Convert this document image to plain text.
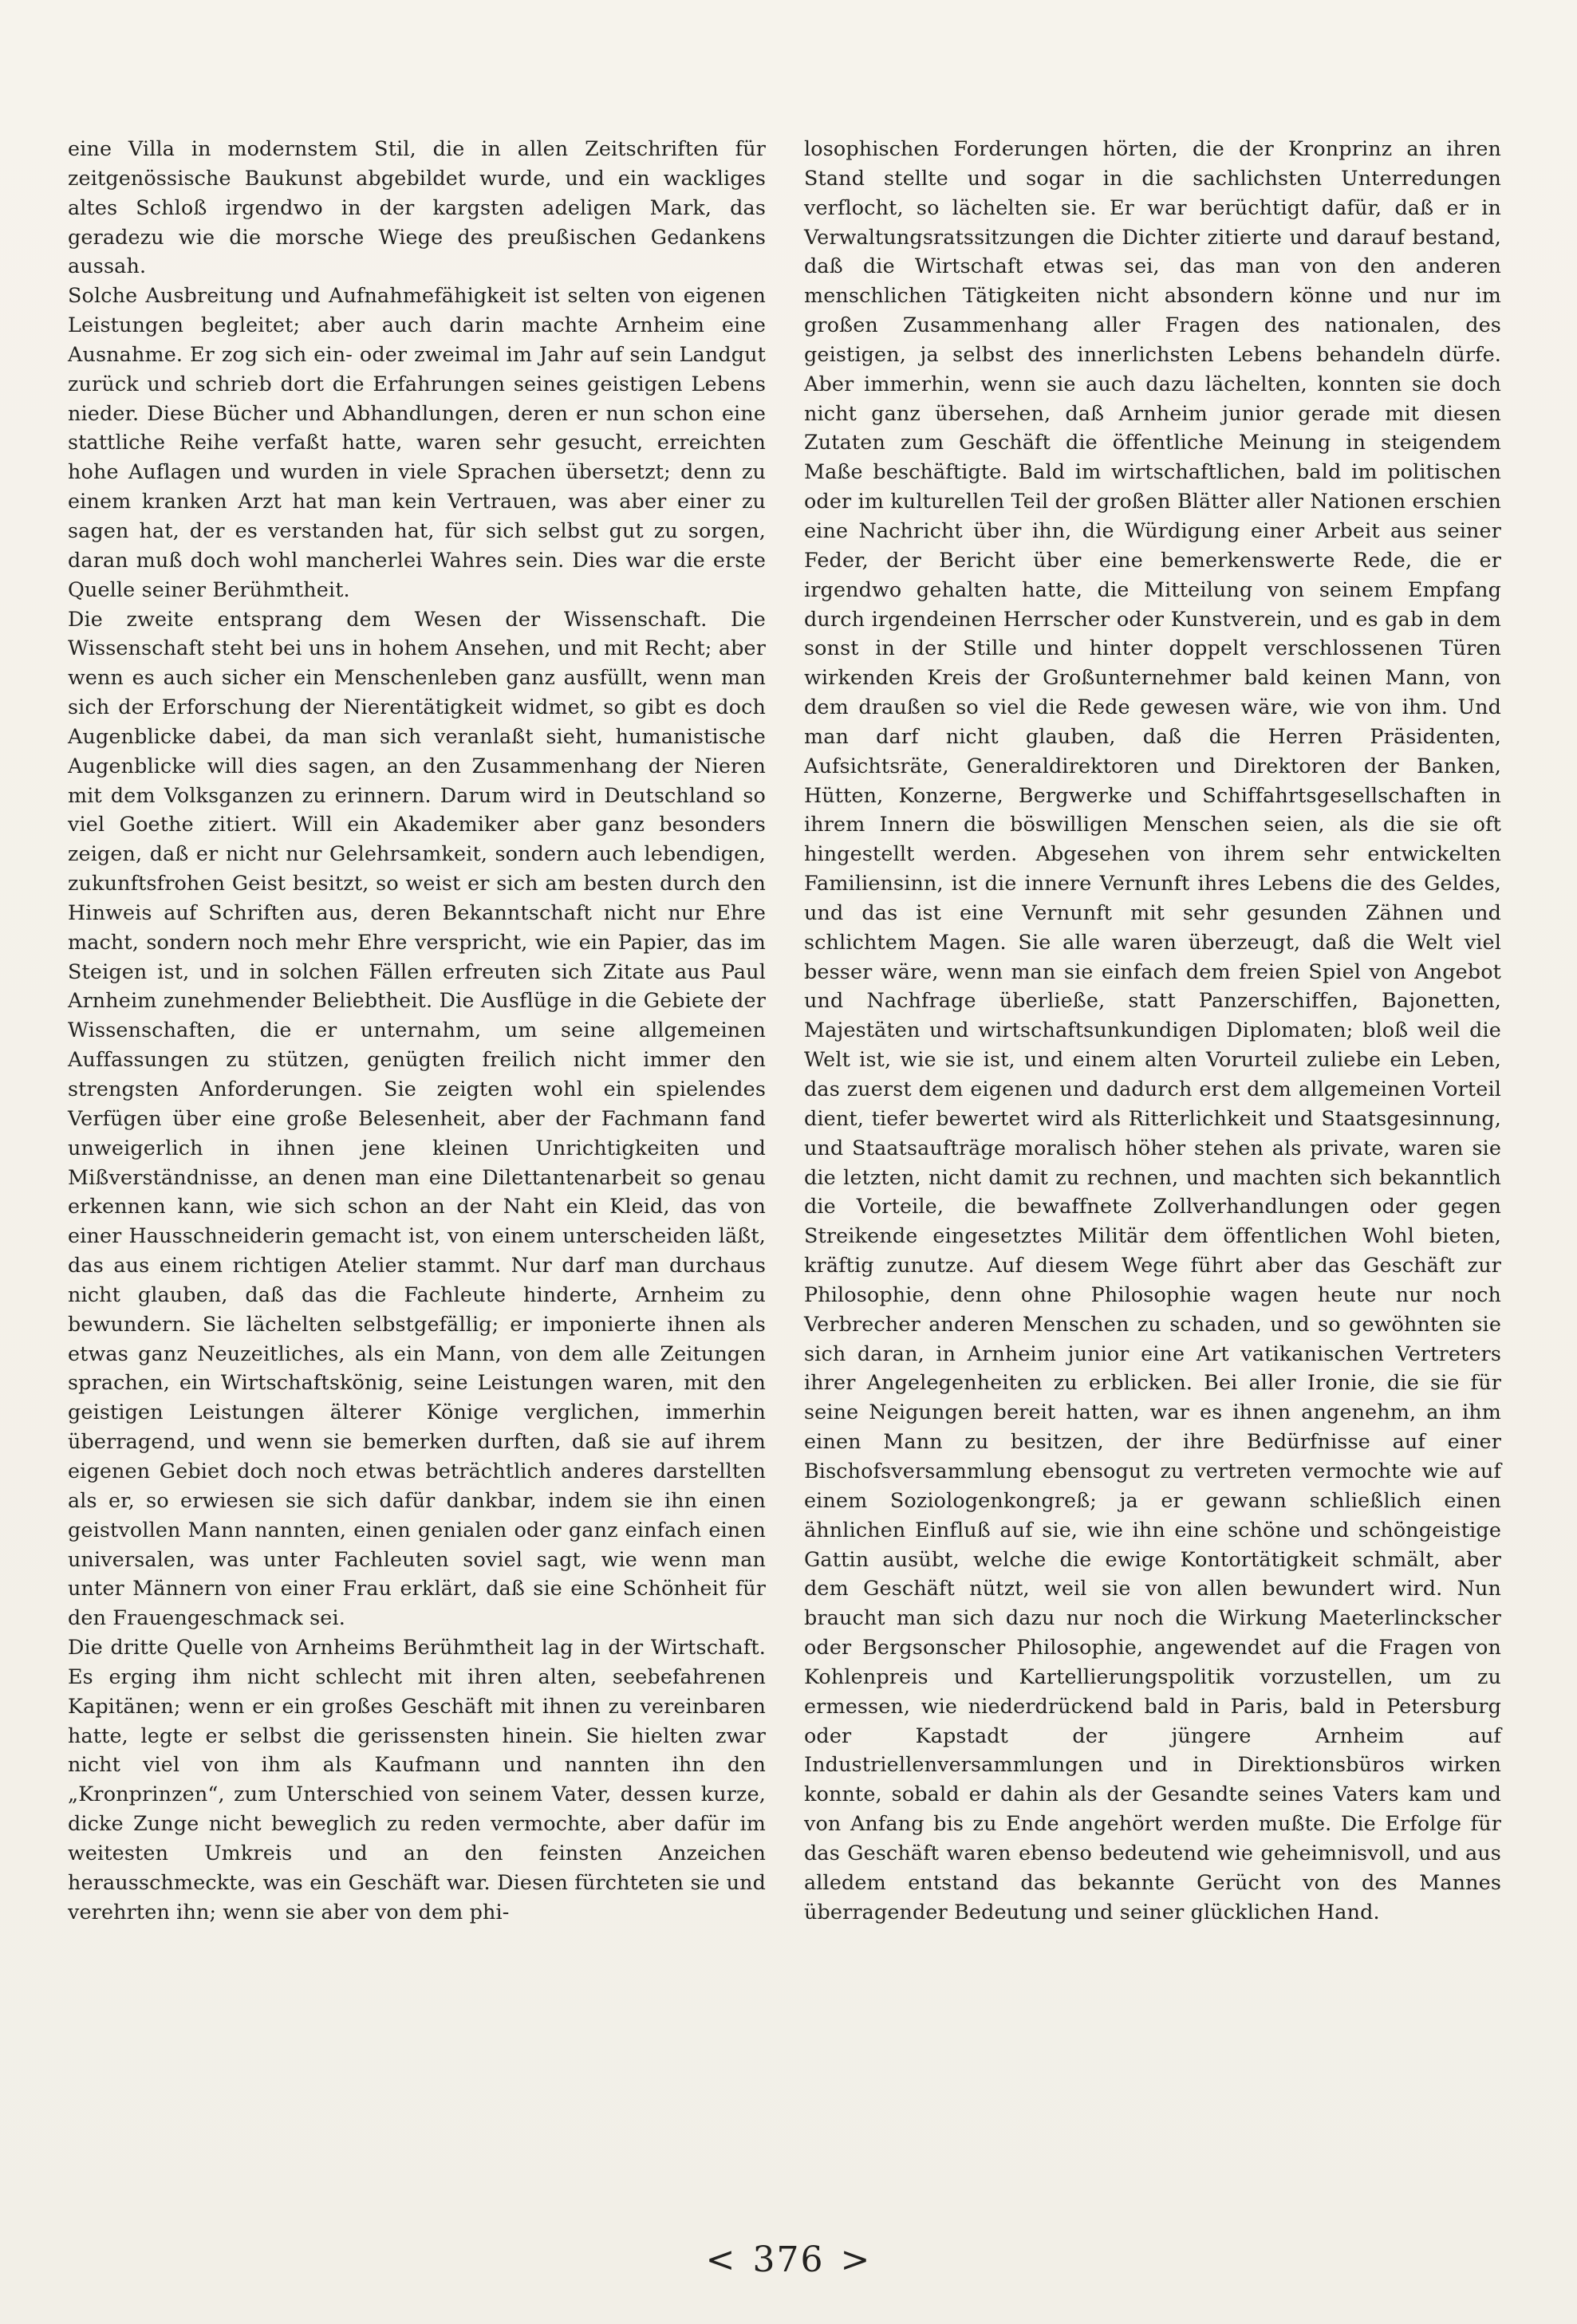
eine Villa in modernstem Stil, die in allen Zeitschriften für zeitgenössische Baukunst abgebildet wurde, und ein wackliges altes Schloß irgendwo in der kargsten adeligen Mark, das geradezu wie die morsche Wiege des preußischen Gedankens aussah.

Solche Ausbreitung und Aufnahmefähigkeit ist selten von eigenen Leistungen begleitet; aber auch darin machte Arnheim eine Ausnahme. Er zog sich ein- oder zweimal im Jahr auf sein Landgut zurück und schrieb dort die Erfahrungen seines geistigen Lebens nieder. Diese Bücher und Abhandlungen, deren er nun schon eine stattliche Reihe verfaßt hatte, waren sehr gesucht, erreichten hohe Auflagen und wurden in viele Sprachen übersetzt; denn zu einem kranken Arzt hat man kein Vertrauen, was aber einer zu sagen hat, der es verstanden hat, für sich selbst gut zu sorgen, daran muß doch wohl mancherlei Wahres sein. Dies war die erste Quelle seiner Berühmtheit.

Die zweite entsprang dem Wesen der Wissenschaft. Die Wissenschaft steht bei uns in hohem Ansehen, und mit Recht; aber wenn es auch sicher ein Menschenleben ganz ausfüllt, wenn man sich der Erforschung der Nierentätigkeit widmet, so gibt es doch Augenblicke dabei, da man sich veranlaßt sieht, humanistische Augenblicke will dies sagen, an den Zusammenhang der Nieren mit dem Volksganzen zu erinnern. Darum wird in Deutschland so viel Goethe zitiert. Will ein Akademiker aber ganz besonders zeigen, daß er nicht nur Gelehrsamkeit, sondern auch lebendigen, zukunftsfrohen Geist besitzt, so weist er sich am besten durch den Hinweis auf Schriften aus, deren Bekanntschaft nicht nur Ehre macht, sondern noch mehr Ehre verspricht, wie ein Papier, das im Steigen ist, und in solchen Fällen erfreuten sich Zitate aus Paul Arnheim zunehmender Beliebtheit. Die Ausflüge in die Gebiete der Wissenschaften, die er unternahm, um seine allgemeinen Auffassungen zu stützen, genügten freilich nicht immer den strengsten Anforderungen. Sie zeigten wohl ein spielendes Verfügen über eine große Belesenheit, aber der Fachmann fand unweigerlich in ihnen jene kleinen Unrichtigkeiten und Mißverständnisse, an denen man eine Dilettantenarbeit so genau erkennen kann, wie sich schon an der Naht ein Kleid, das von einer Hausschneiderin gemacht ist, von einem unterscheiden läßt, das aus einem richtigen Atelier stammt. Nur darf man durchaus nicht glauben, daß das die Fachleute hinderte, Arnheim zu bewundern. Sie lächelten selbstgefällig; er imponierte ihnen als etwas ganz Neuzeitliches, als ein Mann, von dem alle Zeitungen sprachen, ein Wirtschaftskönig, seine Leistungen waren, mit den geistigen Leistungen älterer Könige verglichen, immerhin überragend, und wenn sie bemerken durften, daß sie auf ihrem eigenen Gebiet doch noch etwas beträchtlich anderes darstellten als er, so erwiesen sie sich dafür dankbar, indem sie ihn einen geistvollen Mann nannten, einen genialen oder ganz einfach einen universalen, was unter Fachleuten soviel sagt, wie wenn man unter Männern von einer Frau erklärt, daß sie eine Schönheit für den Frauengeschmack sei.

Die dritte Quelle von Arnheims Berühmtheit lag in der Wirtschaft. Es erging ihm nicht schlecht mit ihren alten, seebefahrenen Kapitänen; wenn er ein großes Geschäft mit ihnen zu vereinbaren hatte, legte er selbst die gerissensten hinein. Sie hielten zwar nicht viel von ihm als Kaufmann und nannten ihn den „Kronprinzen“, zum Unterschied von seinem Vater, dessen kurze, dicke Zunge nicht beweglich zu reden vermochte, aber dafür im weitesten Umkreis und an den feinsten Anzeichen herausschmeckte, was ein Geschäft war. Diesen fürchteten sie und verehrten ihn; wenn sie aber von dem phi-

losophischen Forderungen hörten, die der Kronprinz an ihren Stand stellte und sogar in die sachlichsten Unterredungen verflocht, so lächelten sie. Er war berüchtigt dafür, daß er in Verwaltungsratssitzungen die Dichter zitierte und darauf bestand, daß die Wirtschaft etwas sei, das man von den anderen menschlichen Tätigkeiten nicht absondern könne und nur im großen Zusammenhang aller Fragen des nationalen, des geistigen, ja selbst des innerlichsten Lebens behandeln dürfe. Aber immerhin, wenn sie auch dazu lächelten, konnten sie doch nicht ganz übersehen, daß Arnheim junior gerade mit diesen Zutaten zum Geschäft die öffentliche Meinung in steigendem Maße beschäftigte. Bald im wirtschaftlichen, bald im politischen oder im kulturellen Teil der großen Blätter aller Nationen erschien eine Nachricht über ihn, die Würdigung einer Arbeit aus seiner Feder, der Bericht über eine bemerkenswerte Rede, die er irgendwo gehalten hatte, die Mitteilung von seinem Empfang durch irgendeinen Herrscher oder Kunstverein, und es gab in dem sonst in der Stille und hinter doppelt verschlossenen Türen wirkenden Kreis der Großunternehmer bald keinen Mann, von dem draußen so viel die Rede gewesen wäre, wie von ihm. Und man darf nicht glauben, daß die Herren Präsidenten, Aufsichtsräte, Generaldirektoren und Direktoren der Banken, Hütten, Konzerne, Bergwerke und Schiffahrtsgesellschaften in ihrem Innern die böswilligen Menschen seien, als die sie oft hingestellt werden. Abgesehen von ihrem sehr entwickelten Familiensinn, ist die innere Vernunft ihres Lebens die des Geldes, und das ist eine Vernunft mit sehr gesunden Zähnen und schlichtem Magen. Sie alle waren überzeugt, daß die Welt viel besser wäre, wenn man sie einfach dem freien Spiel von Angebot und Nachfrage überließe, statt Panzerschiffen, Bajonetten, Majestäten und wirtschaftsunkundigen Diplomaten; bloß weil die Welt ist, wie sie ist, und einem alten Vorurteil zuliebe ein Leben, das zuerst dem eigenen und dadurch erst dem allgemeinen Vorteil dient, tiefer bewertet wird als Ritterlichkeit und Staatsgesinnung, und Staatsaufträge moralisch höher stehen als private, waren sie die letzten, nicht damit zu rechnen, und machten sich bekanntlich die Vorteile, die bewaffnete Zollverhandlungen oder gegen Streikende eingesetztes Militär dem öffentlichen Wohl bieten, kräftig zunutze. Auf diesem Wege führt aber das Geschäft zur Philosophie, denn ohne Philosophie wagen heute nur noch Verbrecher anderen Menschen zu schaden, und so gewöhnten sie sich daran, in Arnheim junior eine Art vatikanischen Vertreters ihrer Angelegenheiten zu erblicken. Bei aller Ironie, die sie für seine Neigungen bereit hatten, war es ihnen angenehm, an ihm einen Mann zu besitzen, der ihre Bedürfnisse auf einer Bischofsversammlung ebensogut zu vertreten vermochte wie auf einem Soziologenkongreß; ja er gewann schließlich einen ähnlichen Einfluß auf sie, wie ihn eine schöne und schöngeistige Gattin ausübt, welche die ewige Kontortätigkeit schmält, aber dem Geschäft nützt, weil sie von allen bewundert wird. Nun braucht man sich dazu nur noch die Wirkung Maeterlinckscher oder Bergsonscher Philosophie, angewendet auf die Fragen von Kohlenpreis und Kartellierungspolitik vorzustellen, um zu ermessen, wie niederdrückend bald in Paris, bald in Petersburg oder Kapstadt der jüngere Arnheim auf Industriellenversammlungen und in Direktionsbüros wirken konnte, sobald er dahin als der Gesandte seines Vaters kam und von Anfang bis zu Ende angehört werden mußte. Die Erfolge für das Geschäft waren ebenso bedeutend wie geheimnisvoll, und aus alledem entstand das bekannte Gerücht von des Mannes überragender Bedeutung und seiner glücklichen Hand.

< 376 >
